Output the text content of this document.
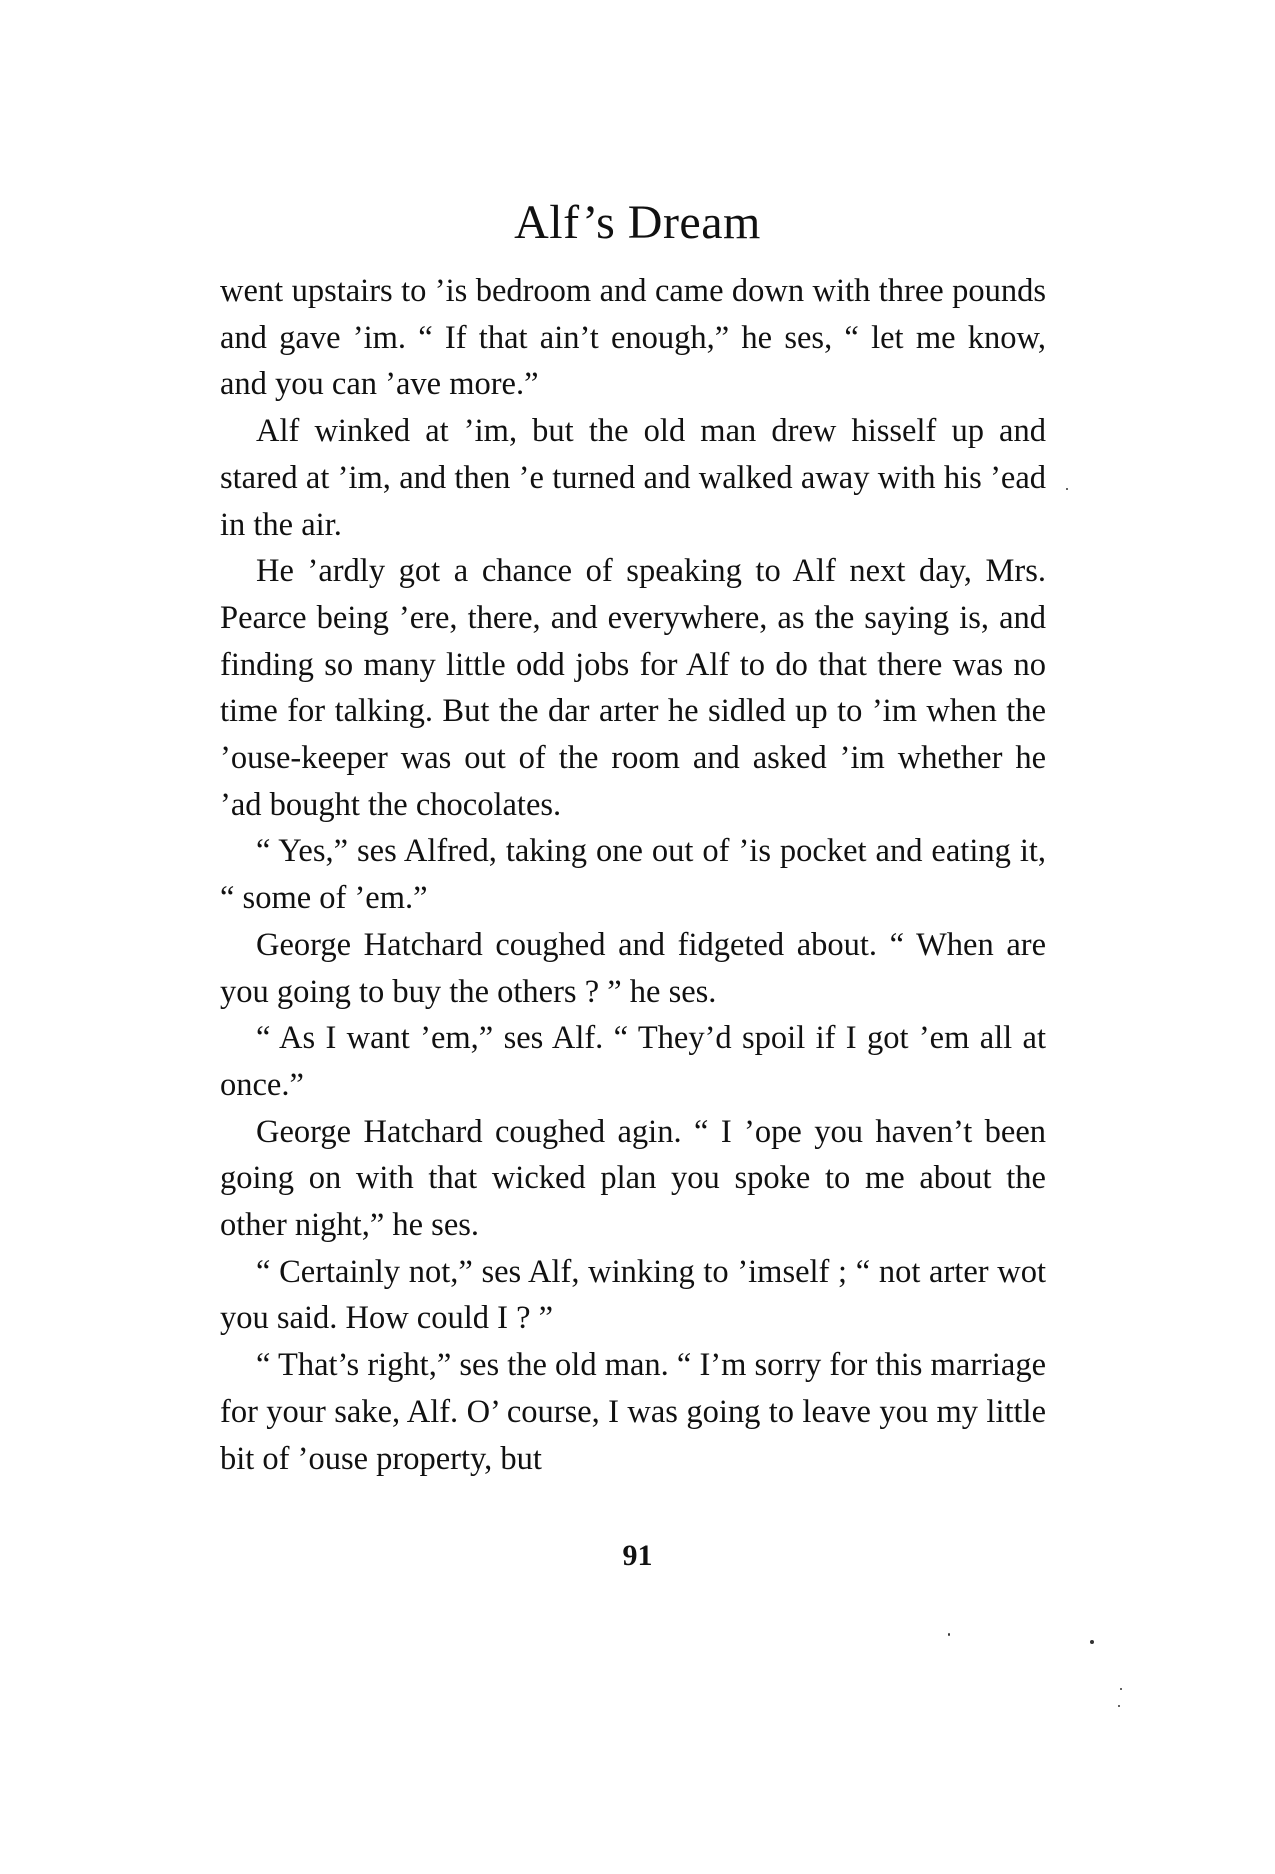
Alf’s Dream

went upstairs to ’is bedroom and came down with three pounds and gave ’im. “ If that ain’t enough,” he ses, “ let me know, and you can ’ave more.”

Alf winked at ’im, but the old man drew hisself up and stared at ’im, and then ’e turned and walked away with his ’ead in the air.

He ’ardly got a chance of speaking to Alf next day, Mrs. Pearce being ’ere, there, and everywhere, as the saying is, and finding so many little odd jobs for Alf to do that there was no time for talking. But the dar arter he sidled up to ’im when the ’ouse-keeper was out of the room and asked ’im whether he ’ad bought the chocolates.

“ Yes,” ses Alfred, taking one out of ’is pocket and eating it, “ some of ’em.”

George Hatchard coughed and fidgeted about. “ When are you going to buy the others ? ” he ses.

“ As I want ’em,” ses Alf. “ They’d spoil if I got ’em all at once.”

George Hatchard coughed agin. “ I ’ope you haven’t been going on with that wicked plan you spoke to me about the other night,” he ses.

“ Certainly not,” ses Alf, winking to ’imself ; “ not arter wot you said. How could I ? ”

“ That’s right,” ses the old man. “ I’m sorry for this marriage for your sake, Alf. O’ course, I was going to leave you my little bit of ’ouse property, but

91
